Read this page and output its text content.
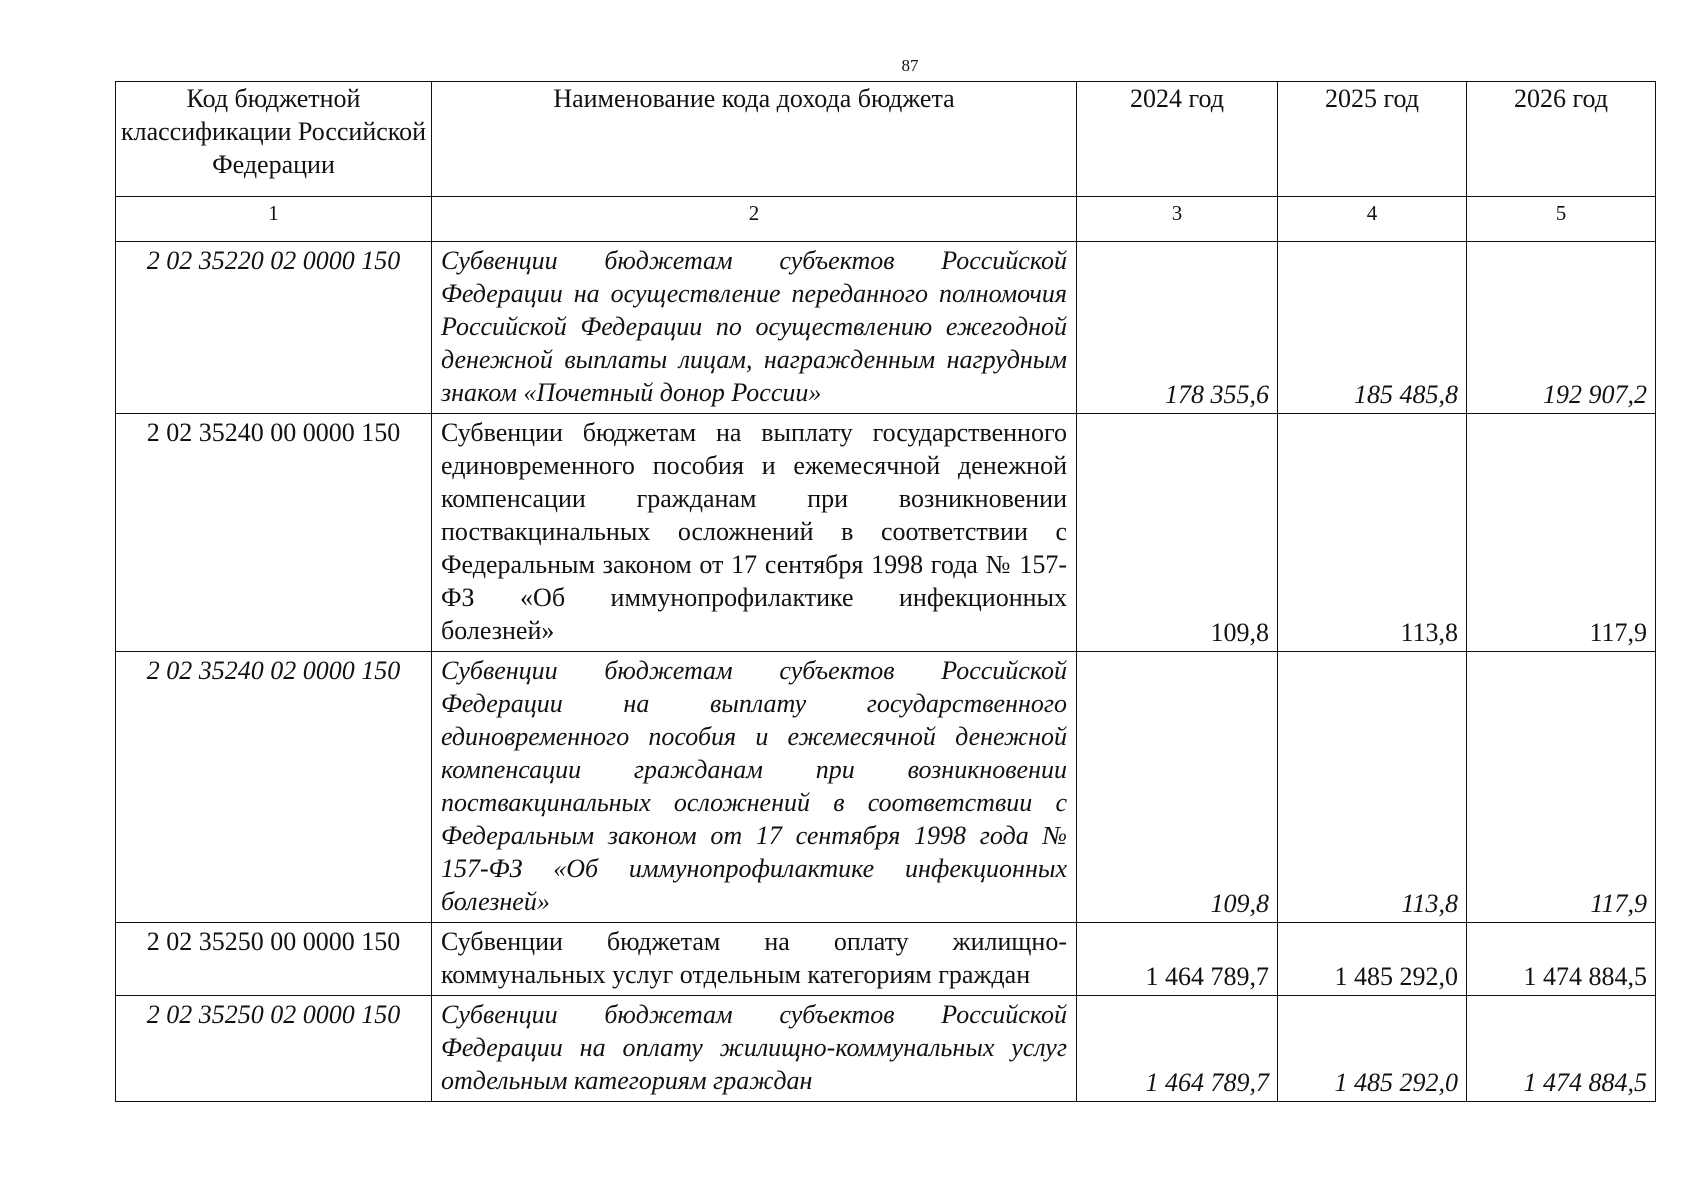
87
Код бюджетной классификации Российской Федерации	Наименование кода дохода бюджета	2024 год	2025 год	2026 год
1	2	3	4	5
2 02 35220 02 0000 150	Субвенции бюджетам субъектов Российской Федерации на осуществление переданного полномочия Российской Федерации по осуществлению ежегодной денежной выплаты лицам, награжденным нагрудным знаком «Почетный донор России»	178 355,6	185 485,8	192 907,2
2 02 35240 00 0000 150	Субвенции бюджетам на выплату государственного единовременного пособия и ежемесячной денежной компенсации гражданам при возникновении поствакцинальных осложнений в соответствии с Федеральным законом от 17 сентября 1998 года № 157-ФЗ «Об иммунопрофилактике инфекционных болезней»	109,8	113,8	117,9
2 02 35240 02 0000 150	Субвенции бюджетам субъектов Российской Федерации на выплату государственного единовременного пособия и ежемесячной денежной компенсации гражданам при возникновении поствакцинальных осложнений в соответствии с Федеральным законом от 17 сентября 1998 года № 157-ФЗ «Об иммунопрофилактике инфекционных болезней»	109,8	113,8	117,9
2 02 35250 00 0000 150	Субвенции бюджетам на оплату жилищно-коммунальных услуг отдельным категориям граждан	1 464 789,7	1 485 292,0	1 474 884,5
2 02 35250 02 0000 150	Субвенции бюджетам субъектов Российской Федерации на оплату жилищно-коммунальных услуг отдельным категориям граждан	1 464 789,7	1 485 292,0	1 474 884,5
